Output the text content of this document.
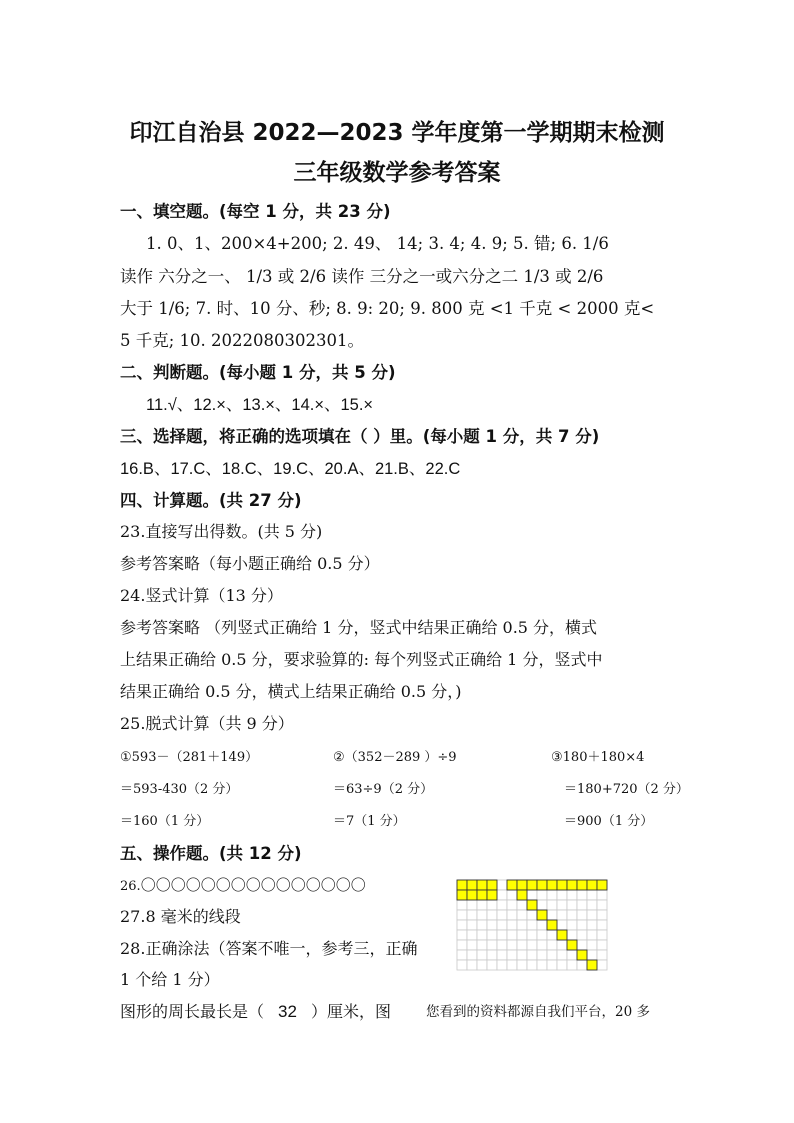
印江自治县 2022—2023 学年度第一学期期末检测
三年级数学参考答案
一、填空题。(每空 1 分，共 23 分)
1. 0、1、200×4+200; 2. 49、 14; 3. 4; 4. 9; 5. 错; 6. 1/6
读作 六分之一、 1/3 或 2/6 读作 三分之一或六分之二 1/3 或 2/6
大于 1/6; 7. 时、10 分、秒; 8. 9: 20; 9. 800 克 <1 千克 < 2000 克<
5 千克; 10. 2022080302301。
二、判断题。(每小题 1 分，共 5 分)
11.√、12.×、13.×、14.×、15.×
三、选择题，将正确的选项填在（ ）里。(每小题 1 分，共 7 分)
16.B、17.C、18.C、19.C、20.A、21.B、22.C
四、计算题。(共 27 分)
23.直接写出得数。(共 5 分)
参考答案略（每小题正确给 0.5 分）
24.竖式计算（13 分）
参考答案略 （列竖式正确给 1 分，竖式中结果正确给 0.5 分，横式
上结果正确给 0.5 分，要求验算的: 每个列竖式正确给 1 分，竖式中
结果正确给 0.5 分，横式上结果正确给 0.5 分，)
25.脱式计算（共 9 分）
①593－（281＋149）
＝593-430（2 分）
＝160（1 分）
②（352－289 ）÷9
＝63÷9（2 分）
＝7（1 分）
③180＋180×4
＝180+720（2 分）
＝900（1 分）
五、操作题。(共 12 分)
26.〇〇〇〇〇〇〇〇〇〇〇〇〇〇〇
27.8 毫米的线段
28.正确涂法（答案不唯一，参考三，正确
1 个给 1 分）
图形的周长最长是（ 32 ）厘米，图	您看到的资料都源自我们平台，20 多
